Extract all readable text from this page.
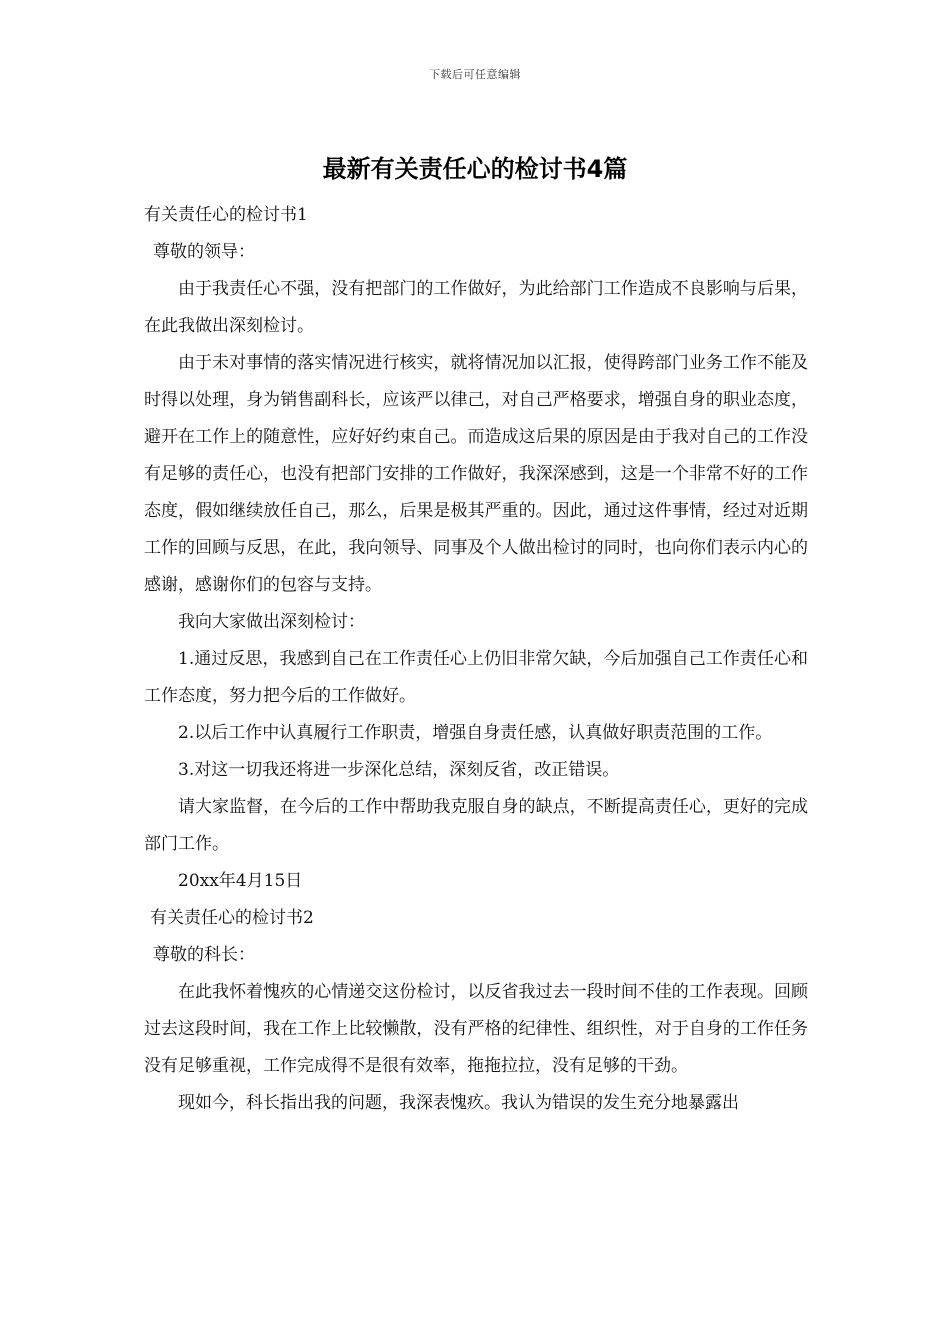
下载后可任意编辑
最新有关责任心的检讨书4篇

有关责任心的检讨书1

尊敬的领导：

由于我责任心不强，没有把部门的工作做好，为此给部门工作造成不良影响与后果，在此我做出深刻检讨。

由于未对事情的落实情况进行核实，就将情况加以汇报，使得跨部门业务工作不能及时得以处理，身为销售副科长，应该严以律己，对自己严格要求，增强自身的职业态度，避开在工作上的随意性，应好好约束自己。而造成这后果的原因是由于我对自己的工作没有足够的责任心，也没有把部门安排的工作做好，我深深感到，这是一个非常不好的工作态度，假如继续放任自己，那么，后果是极其严重的。因此，通过这件事情，经过对近期工作的回顾与反思，在此，我向领导、同事及个人做出检讨的同时，也向你们表示内心的感谢，感谢你们的包容与支持。

我向大家做出深刻检讨：

1.通过反思，我感到自己在工作责任心上仍旧非常欠缺，今后加强自己工作责任心和工作态度，努力把今后的工作做好。

2.以后工作中认真履行工作职责，增强自身责任感，认真做好职责范围的工作。

3.对这一切我还将进一步深化总结，深刻反省，改正错误。

请大家监督，在今后的工作中帮助我克服自身的缺点，不断提高责任心，更好的完成部门工作。

20xx年4月15日

有关责任心的检讨书2

尊敬的科长：

在此我怀着愧疚的心情递交这份检讨，以反省我过去一段时间不佳的工作表现。回顾过去这段时间，我在工作上比较懒散，没有严格的纪律性、组织性，对于自身的工作任务没有足够重视，工作完成得不是很有效率，拖拖拉拉，没有足够的干劲。

现如今，科长指出我的问题，我深表愧疚。我认为错误的发生充分地暴露出
